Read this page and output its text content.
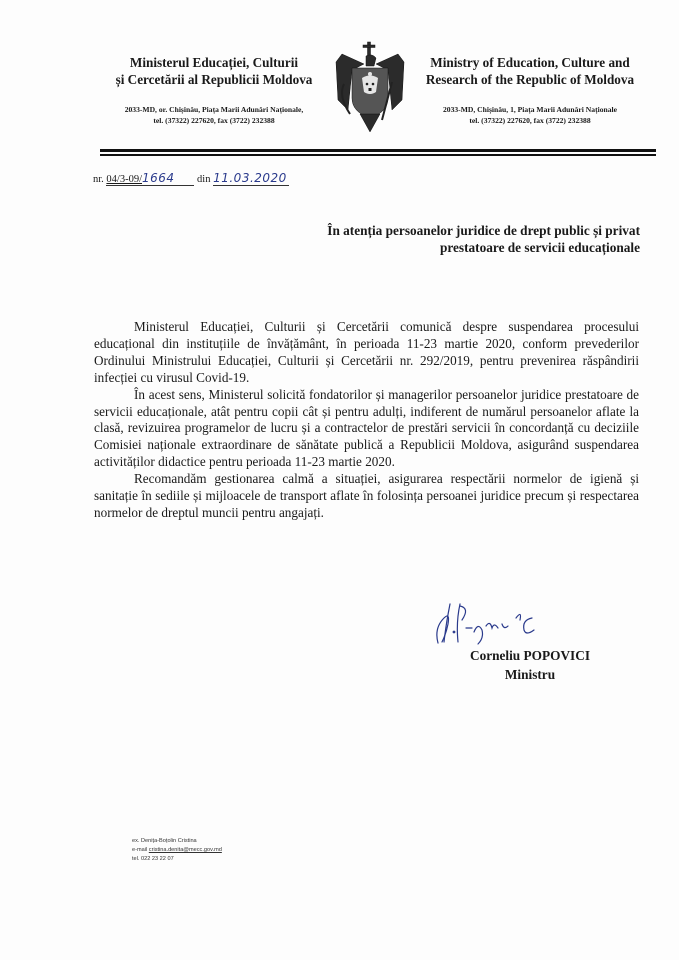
Ministerul Educației, Culturii
și Cercetării al Republicii Moldova
2033-MD, or. Chișinău, Piața Marii Adunări Naționale,
tel. (37322) 227620, fax (3722) 232388
Ministry of Education, Culture and
Research of the Republic of Moldova
2033-MD, Chișinău, 1, Piața Marii Adunări Naționale
tel. (37322) 227620, fax (3722) 232388
nr. 04/3-09/1664 din 11.03.2020
În atenția persoanelor juridice de drept public și privat
prestatoare de servicii educaționale

Ministerul Educației, Culturii și Cercetării comunică despre suspendarea procesului educațional din instituțiile de învățământ, în perioada 11-23 martie 2020, conform prevederilor Ordinului Ministrului Educației, Culturii și Cercetării nr. 292/2019, pentru prevenirea răspândirii infecției cu virusul Covid-19.

În acest sens, Ministerul solicită fondatorilor și managerilor persoanelor juridice prestatoare de servicii educaționale, atât pentru copii cât și pentru adulți, indiferent de numărul persoanelor aflate la clasă, revizuirea programelor de lucru și a contractelor de prestări servicii în concordanță cu deciziile Comisiei naționale extraordinare de sănătate publică a Republicii Moldova, asigurând suspendarea activităților didactice pentru perioada 11-23 martie 2020.

Recomandăm gestionarea calmă a situației, asigurarea respectării normelor de igienă și sanitație în sediile și mijloacele de transport aflate în folosința persoanei juridice precum și respectarea normelor de dreptul muncii pentru angajați.

Corneliu POPOVICI
Ministru
ex. Denița-Boțolin Cristina
e-mail cristina.denita@mecc.gov.md
tel. 022 23 22 07
